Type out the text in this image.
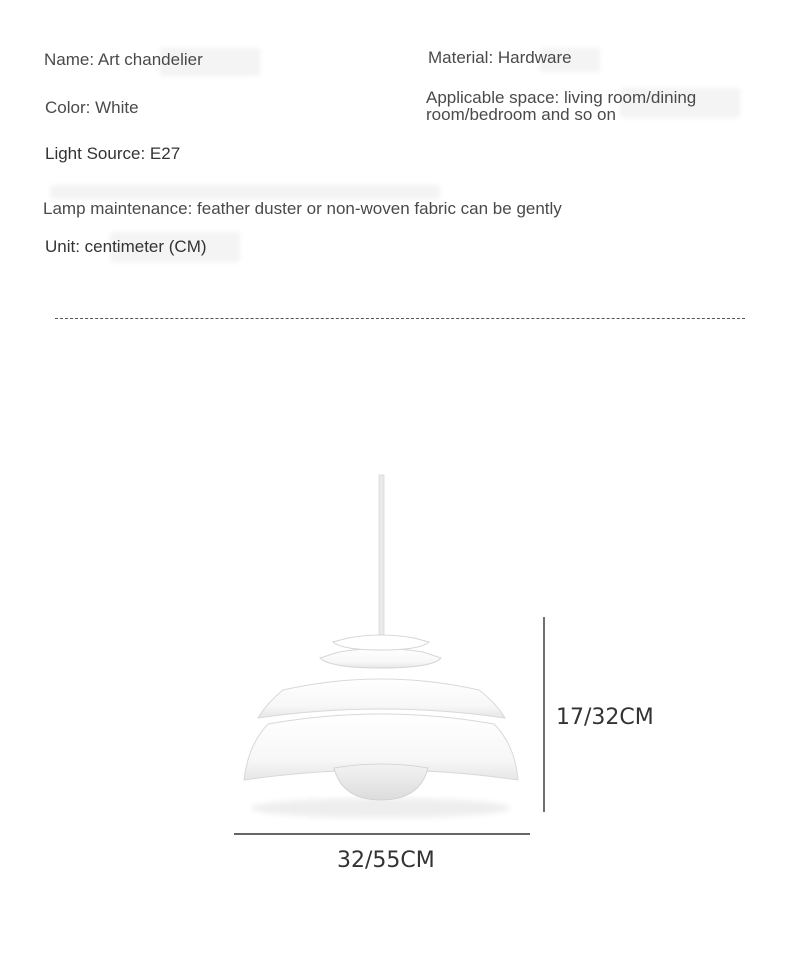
Name: Art chandelier	Material: Hardware
Color: White
Applicable space: living room/dining room/bedroom and so on
Light Source: E27
Lamp maintenance: feather duster or non-woven fabric can be gently
Unit: centimeter (CM)
17/32CM
32/55CM
